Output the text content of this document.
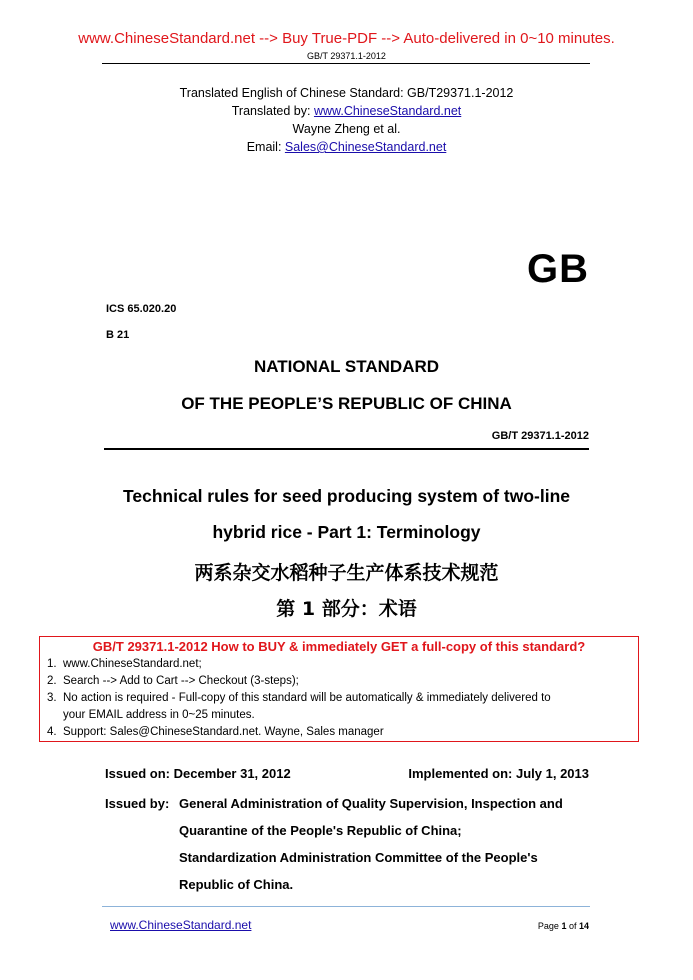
www.ChineseStandard.net --> Buy True-PDF --> Auto-delivered in 0~10 minutes.
GB/T 29371.1-2012
Translated English of Chinese Standard: GB/T29371.1-2012
Translated by: www.ChineseStandard.net
Wayne Zheng et al.
Email: Sales@ChineseStandard.net
GB
ICS 65.020.20
B 21
NATIONAL STANDARD
OF THE PEOPLE’S REPUBLIC OF CHINA
GB/T 29371.1-2012
Technical rules for seed producing system of two-line
hybrid rice - Part 1: Terminology
两系杂交水稻种子生产体系技术规范
第 1 部分：术语
GB/T 29371.1-2012 How to BUY & immediately GET a full-copy of this standard?
1. www.ChineseStandard.net;
2. Search --> Add to Cart --> Checkout (3-steps);
3. No action is required - Full-copy of this standard will be automatically & immediately delivered to
your EMAIL address in 0~25 minutes.
4. Support: Sales@ChineseStandard.net. Wayne, Sales manager
Issued on: December 31, 2012	Implemented on: July 1, 2013
Issued by: General Administration of Quality Supervision, Inspection and
Quarantine of the People's Republic of China;
Standardization Administration Committee of the People's
Republic of China.
www.ChineseStandard.net	Page 1 of 14
